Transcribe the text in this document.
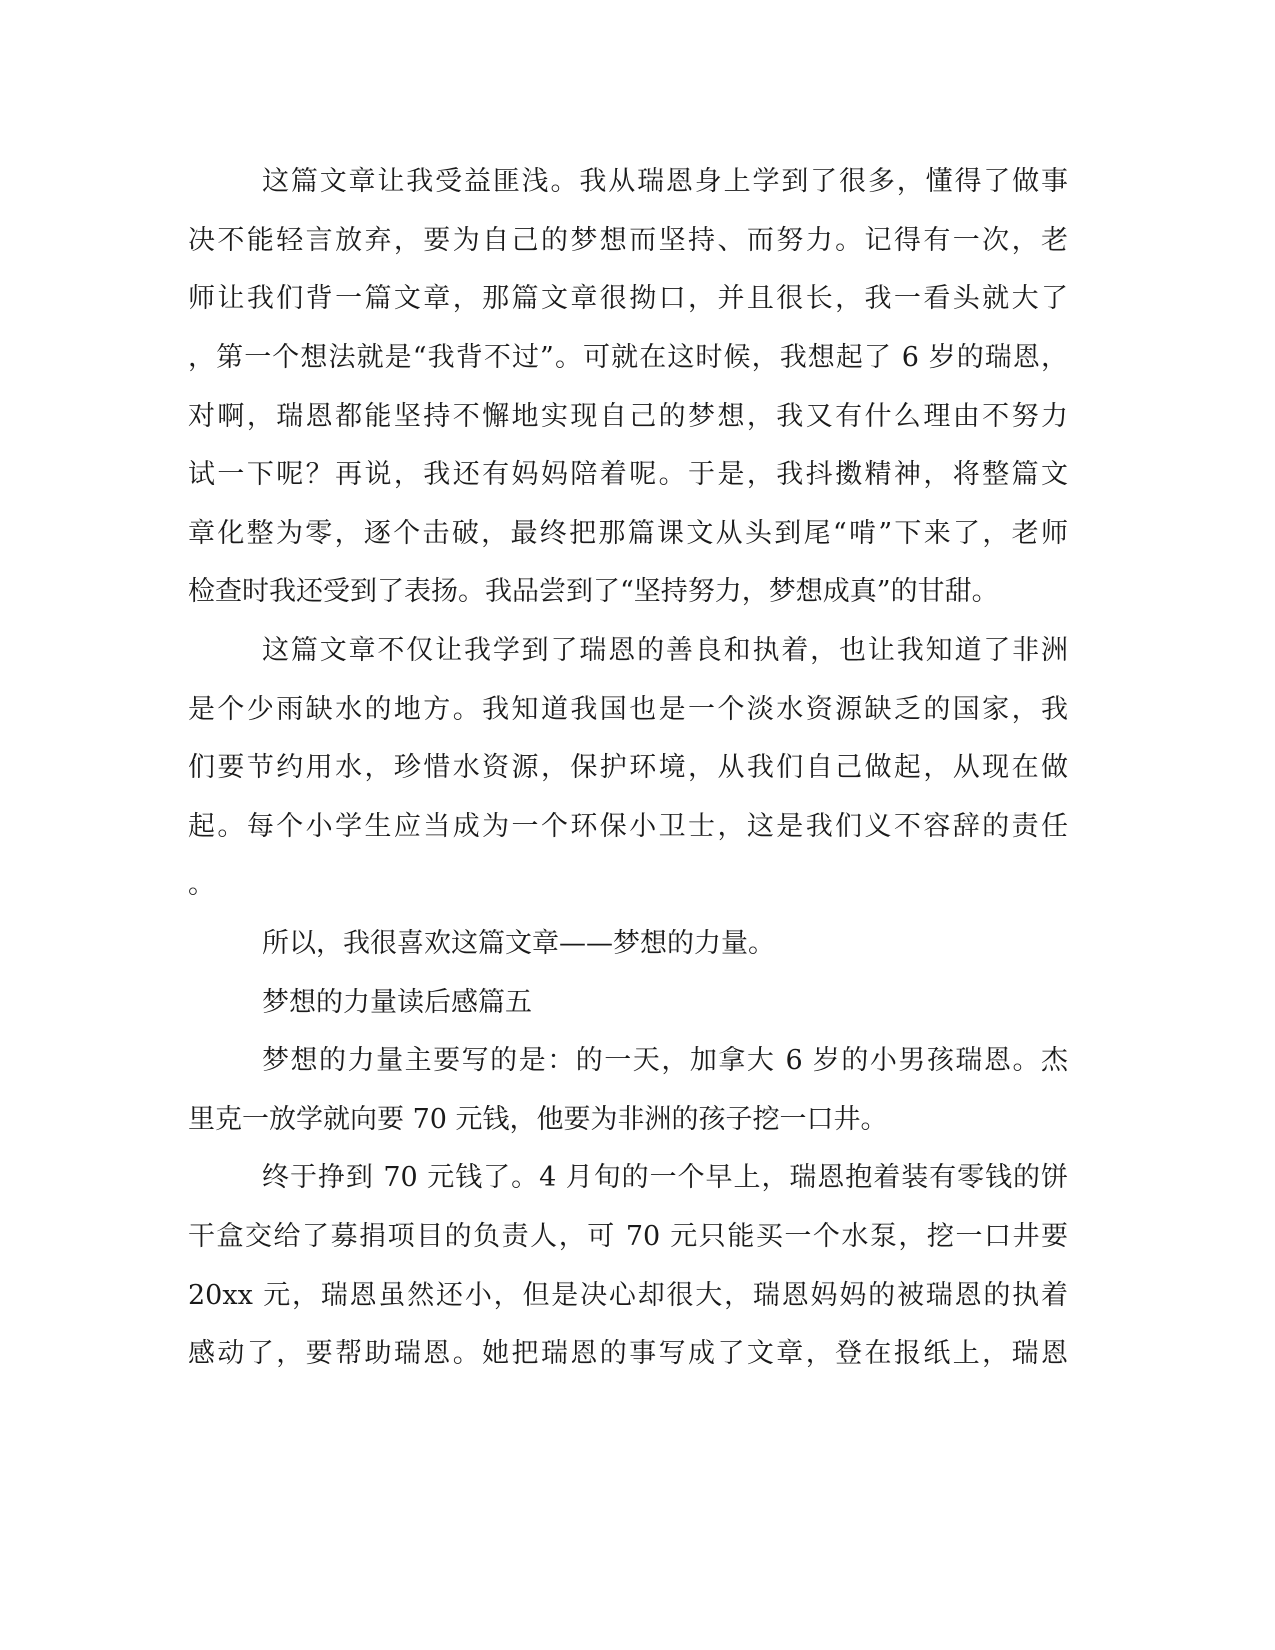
这篇文章让我受益匪浅。我从瑞恩身上学到了很多，懂得了做事
决不能轻言放弃，要为自己的梦想而坚持、而努力。记得有一次，老
师让我们背一篇文章，那篇文章很拗口，并且很长，我一看头就大了
，第一个想法就是“我背不过”。可就在这时候，我想起了 6 岁的瑞恩，
对啊，瑞恩都能坚持不懈地实现自己的梦想，我又有什么理由不努力
试一下呢？再说，我还有妈妈陪着呢。于是，我抖擞精神，将整篇文
章化整为零，逐个击破，最终把那篇课文从头到尾“啃”下来了，老师
检查时我还受到了表扬。我品尝到了“坚持努力，梦想成真”的甘甜。
这篇文章不仅让我学到了瑞恩的善良和执着，也让我知道了非洲
是个少雨缺水的地方。我知道我国也是一个淡水资源缺乏的国家，我
们要节约用水，珍惜水资源，保护环境，从我们自己做起，从现在做
起。每个小学生应当成为一个环保小卫士，这是我们义不容辞的责任
。
所以，我很喜欢这篇文章——梦想的力量。
梦想的力量读后感篇五
梦想的力量主要写的是：的一天，加拿大 6 岁的小男孩瑞恩。杰
里克一放学就向要 70 元钱，他要为非洲的孩子挖一口井。
终于挣到 70 元钱了。4 月旬的一个早上，瑞恩抱着装有零钱的饼
干盒交给了募捐项目的负责人，可 70 元只能买一个水泵，挖一口井要
20xx 元，瑞恩虽然还小，但是决心却很大，瑞恩妈妈的被瑞恩的执着
感动了，要帮助瑞恩。她把瑞恩的事写成了文章，登在报纸上，瑞恩
